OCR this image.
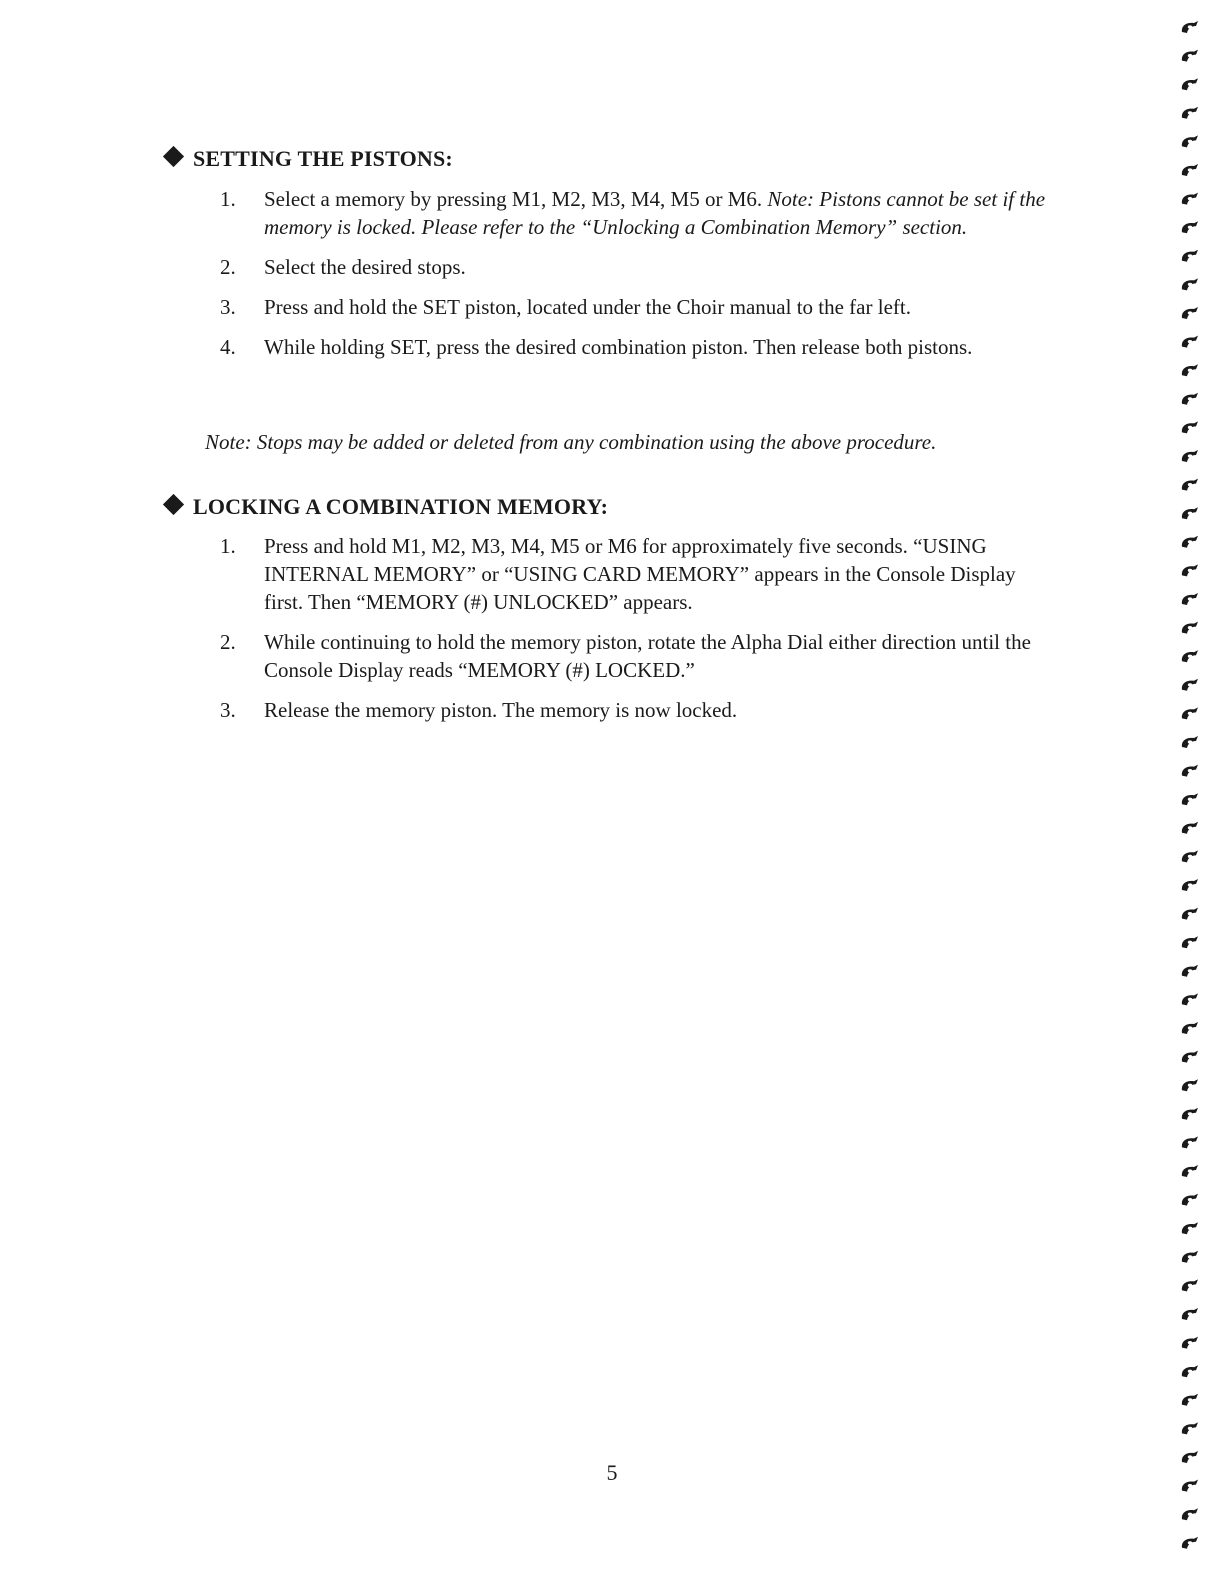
SETTING THE PISTONS:
1.	Select a memory by pressing M1, M2, M3, M4, M5 or M6. Note: Pistons cannot be set if the memory is locked. Please refer to the “Unlocking a Combination Memory” section.
2.	Select the desired stops.
3.	Press and hold the SET piston, located under the Choir manual to the far left.
4.	While holding SET, press the desired combination piston. Then release both pistons.
Note: Stops may be added or deleted from any combination using the above procedure.
LOCKING A COMBINATION MEMORY:
1.	Press and hold M1, M2, M3, M4, M5 or M6 for approximately five seconds. “USING INTERNAL MEMORY” or “USING CARD MEMORY” appears in the Console Display first. Then “MEMORY (#) UNLOCKED” appears.
2.	While continuing to hold the memory piston, rotate the Alpha Dial either direction until the Console Display reads “MEMORY (#) LOCKED.”
3.	Release the memory piston. The memory is now locked.
5
